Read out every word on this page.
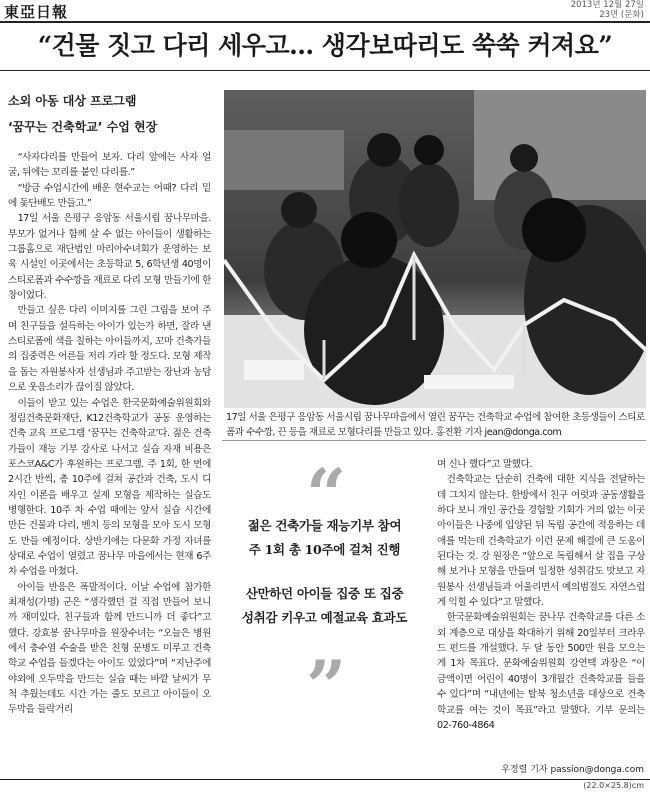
東亞日報	2013년 12월 27일
23면 (문화)
“건물 짓고 다리 세우고… 생각보따리도 쑥쑥 커져요”
소외 아동 대상 프로그램
‘꿈꾸는 건축학교’ 수업 현장

“사자다리를 만들어 보자. 다리 앞에는 사자 얼굴, 뒤에는 꼬리를 붙인 다리를.”

“방금 수업시간에 배운 현수교는 어때? 다리 밑에 돛단배도 만들고.”

17일 서울 은평구 응암동 서울시립 꿈나무마을. 부모가 없거나 함께 살 수 없는 아이들이 생활하는 그룹홈으로 재단법인 마리아수녀회가 운영하는 보육 시설인 이곳에서는 초등학교 5, 6학년생 40명이 스티로폼과 수수깡을 재료로 다리 모형 만들기에 한창이었다.

만들고 싶은 다리 이미지를 그린 그림을 보여 주며 친구들을 설득하는 아이가 있는가 하면, 잘라 낸 스티로폼에 색을 칠하는 아이들까지, 꼬마 건축가들의 집중력은 어른들 저리 가라 할 정도다. 모형 제작을 돕는 자원봉사자 선생님과 주고받는 장난과 농담으로 웃음소리가 끊이질 않았다.

이들이 받고 있는 수업은 한국문화예술위원회와 정림건축문화재단, K12건축학교가 공동 운영하는 건축 교육 프로그램 ‘꿈꾸는 건축학교’다. 젊은 건축가들이 재능 기부 강사로 나서고 실습 자재 비용은 포스코A&C가 후원하는 프로그램. 주 1회, 한 번에 2시간 반씩, 총 10주에 걸쳐 공간과 건축, 도시 디자인 이론을 배우고 실제 모형을 제작하는 실습도 병행한다. 10주 차 수업 때에는 앞서 실습 시간에 만든 건물과 다리, 벤치 등의 모형을 모아 도시 모형도 만들 예정이다. 상반기에는 다문화 가정 자녀를 상대로 수업이 열렸고 꿈나무 마을에서는 현재 6주 차 수업을 마쳤다.

아이들 반응은 폭발적이다. 이날 수업에 참가한 최재성(가명) 군은 “생각했던 걸 직접 만들어 보니까 재미있다. 친구들과 함께 만드니까 더 좋다”고 했다. 강효봉 꿈나무마을 원장수녀는 “오늘은 병원에서 충수염 수술을 받은 친형 문병도 미루고 건축학교 수업을 들겠다는 아이도 있었다”며 “지난주에 야외에 오두막을 만드는 실습 때는 바깥 날씨가 무척 추웠는데도 시간 가는 줄도 모르고 아이들이 오두막을 들락거리

17일 서울 은평구 응암동 서울시립 꿈나무마을에서 열린 꿈꾸는 건축학교 수업에 참여한 초등생들이 스티로폼과 수수깡, 끈 등을 재료로 모형다리를 만들고 있다. 홍진환 기자 jean@donga.com
“
젊은 건축가들 재능기부 참여
주 1회 총 10주에 걸쳐 진행
산만하던 아이들 집중 또 집중
성취감 키우고 예절교육 효과도
”

며 신나 했다”고 말했다.

건축학교는 단순히 건축에 대한 지식을 전달하는 데 그치지 않는다. 한방에서 친구 여럿과 공동생활을 하다 보니 개인 공간을 경험할 기회가 거의 없는 이곳 아이들은 나중에 입양된 뒤 독립 공간에 적응하는 데 애를 먹는데 건축학교가 이런 문제 해결에 큰 도움이 된다는 것. 강 원장은 “앞으로 독립해서 살 집을 구상해 보거나 모형을 만들며 일정한 성취감도 맛보고 자원봉사 선생님들과 어울리면서 예의범절도 자연스럽게 익힐 수 있다”고 말했다.

한국문화예술위원회는 꿈나무 건축학교를 다른 소외 계층으로 대상을 확대하기 위해 20일부터 크라우드 펀드를 개설했다. 두 달 동안 500만 원을 모으는 게 1차 목표다. 문화예술위원회 강연택 과장은 “이 금액이면 어린이 40명이 3개월간 건축학교를 들을 수 있다”며 “내년에는 탈북 청소년을 대상으로 건축학교를 여는 것이 목표”라고 말했다. 기부 문의는 02-760-4864

우정렬 기자 passion@donga.com
(22.0×25.8)cm
